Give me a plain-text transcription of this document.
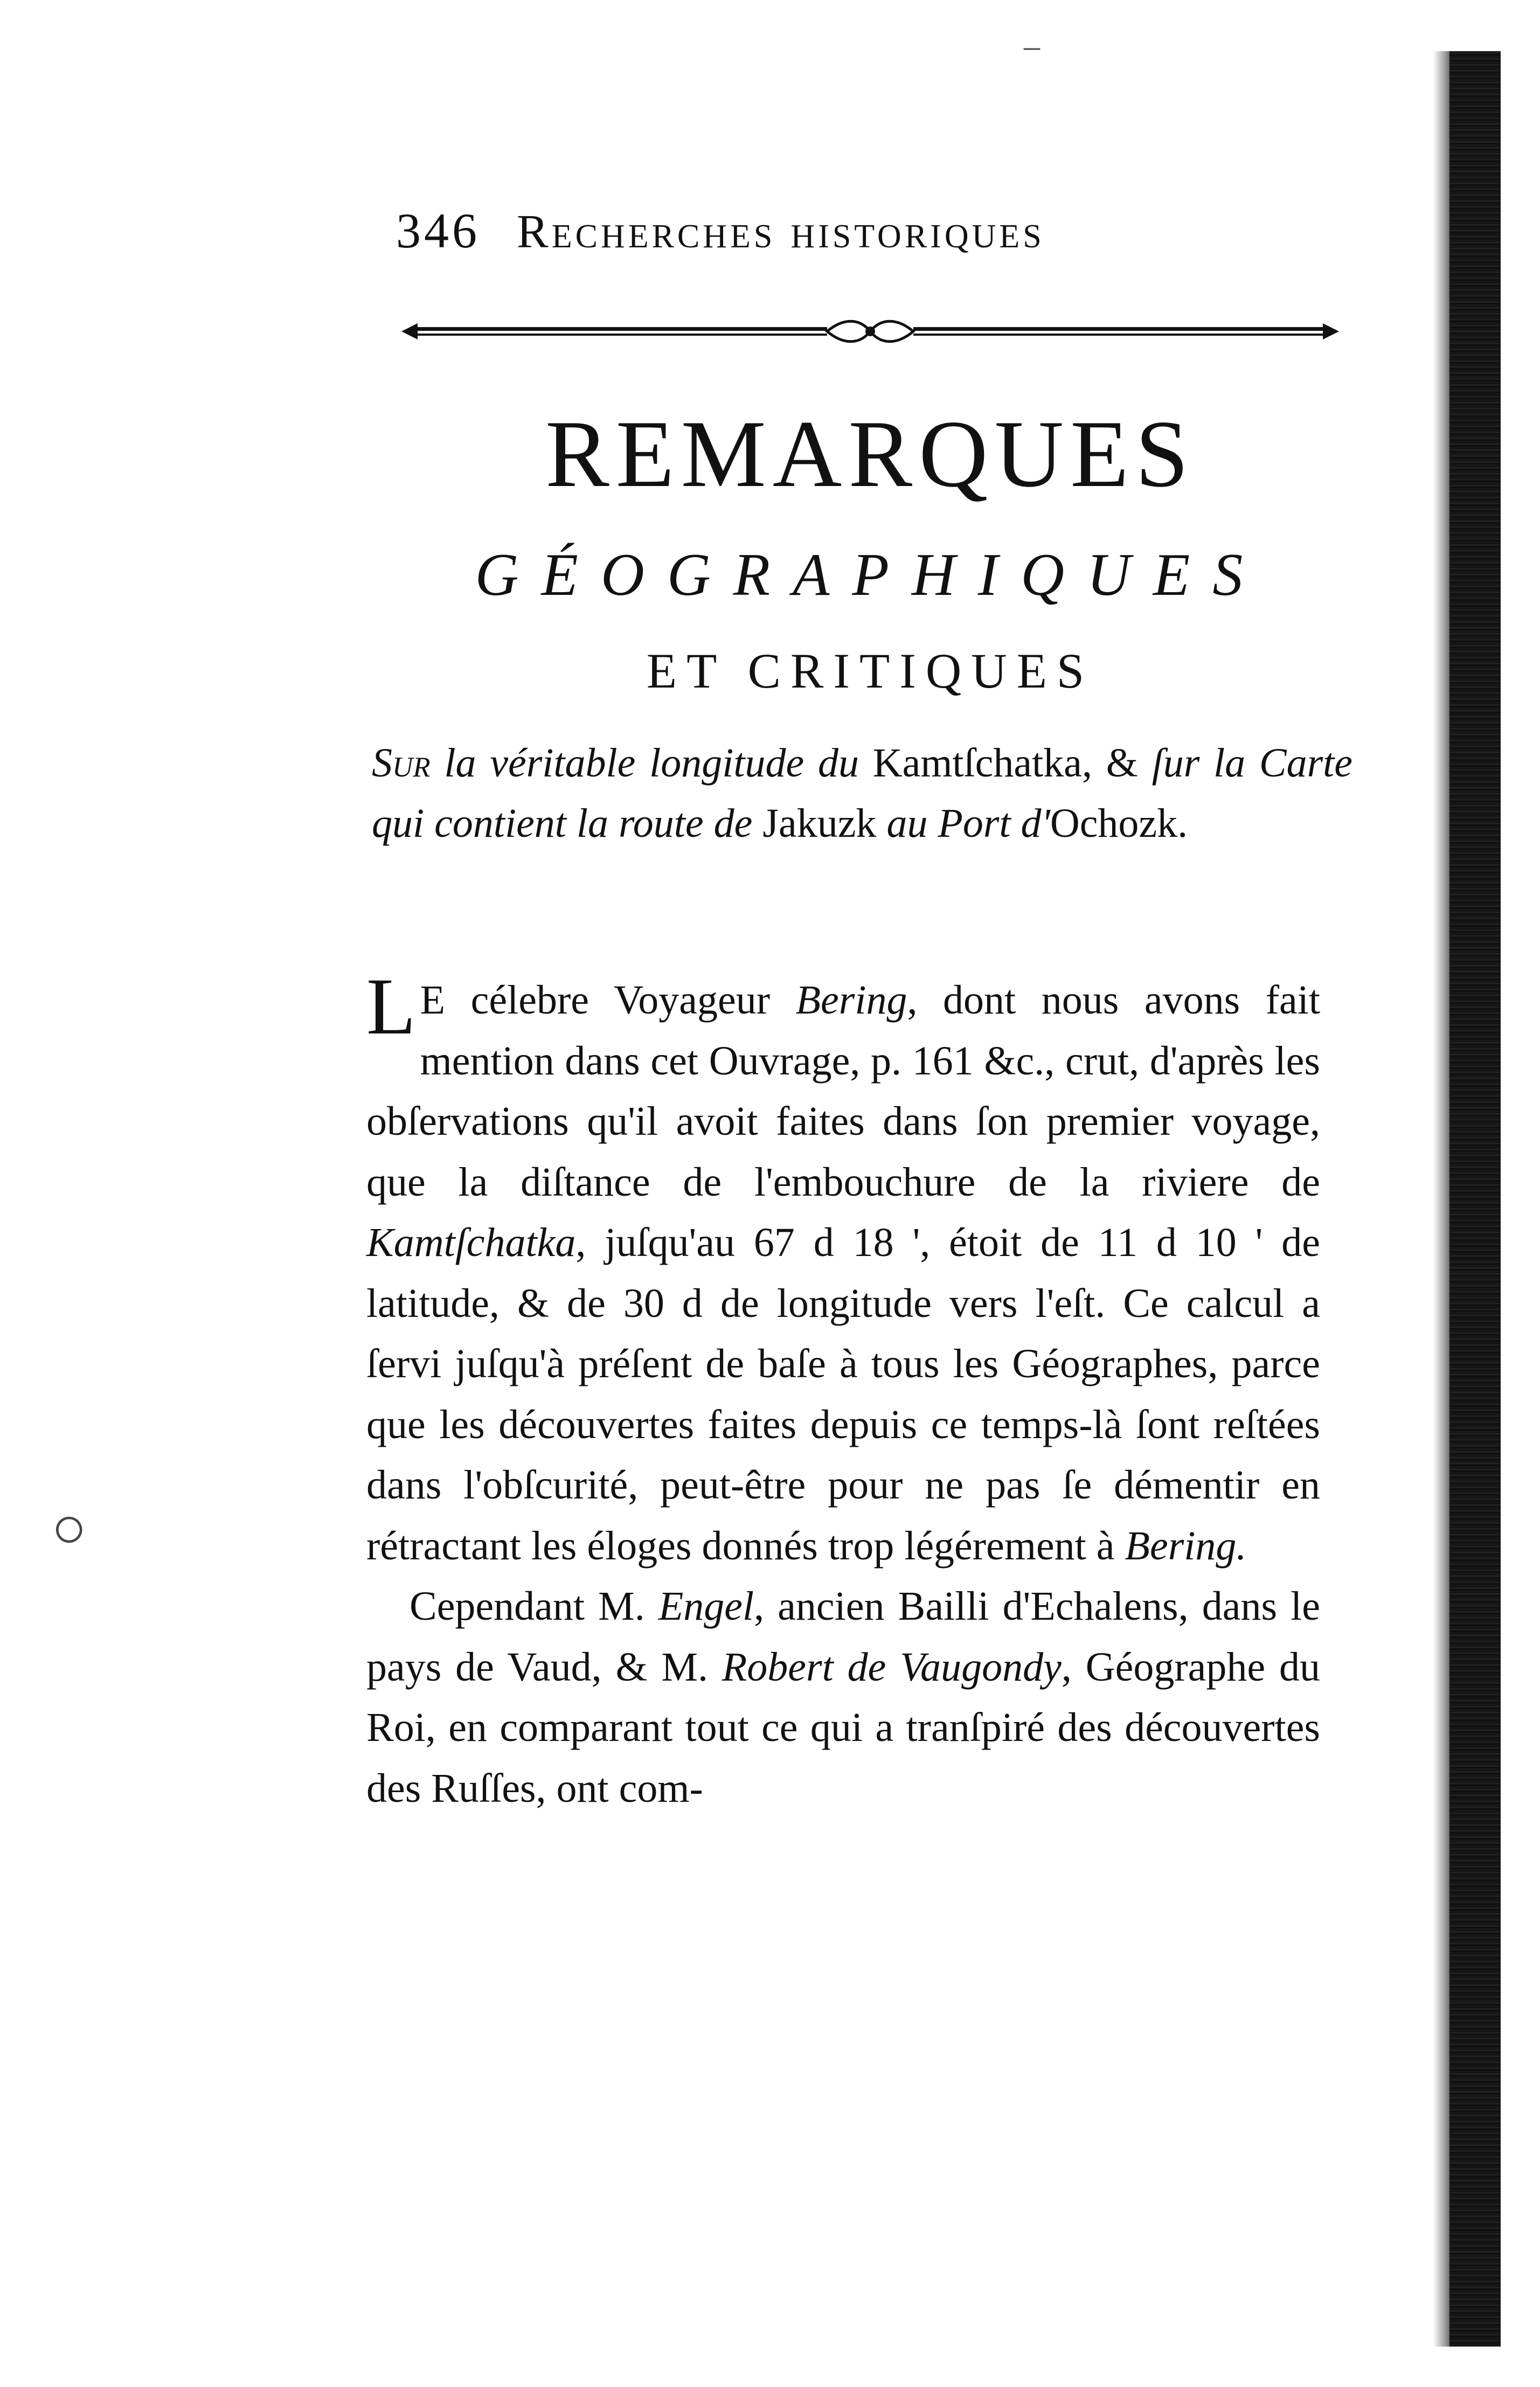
‒
○
346 Recherches historiques
REMARQUES
GÉOGRAPHIQUES
ET CRITIQUES
Sur la véritable longitude du Kamtſchatka, & ſur la Carte qui contient la route de Jakuzk au Port d'Ochozk.

L E célebre Voyageur Bering, dont nous avons fait mention dans cet Ouvrage, p. 161 &c., crut, d'après les obſervations qu'il avoit faites dans ſon premier voyage, que la diſtance de l'embouchure de la riviere de Kamtſchatka, juſqu'au 67 d 18 ', étoit de 11 d 10 ' de latitude, & de 30 d de longitude vers l'eſt. Ce calcul a ſervi juſqu'à préſent de baſe à tous les Géographes, parce que les découvertes faites depuis ce temps-là ſont reſtées dans l'obſcurité, peut-être pour ne pas ſe démentir en rétractant les éloges donnés trop légérement à Bering.

Cependant M. Engel, ancien Bailli d'Echalens, dans le pays de Vaud, & M. Robert de Vaugondy, Géographe du Roi, en comparant tout ce qui a tranſpiré des découvertes des Ruſſes, ont com-
